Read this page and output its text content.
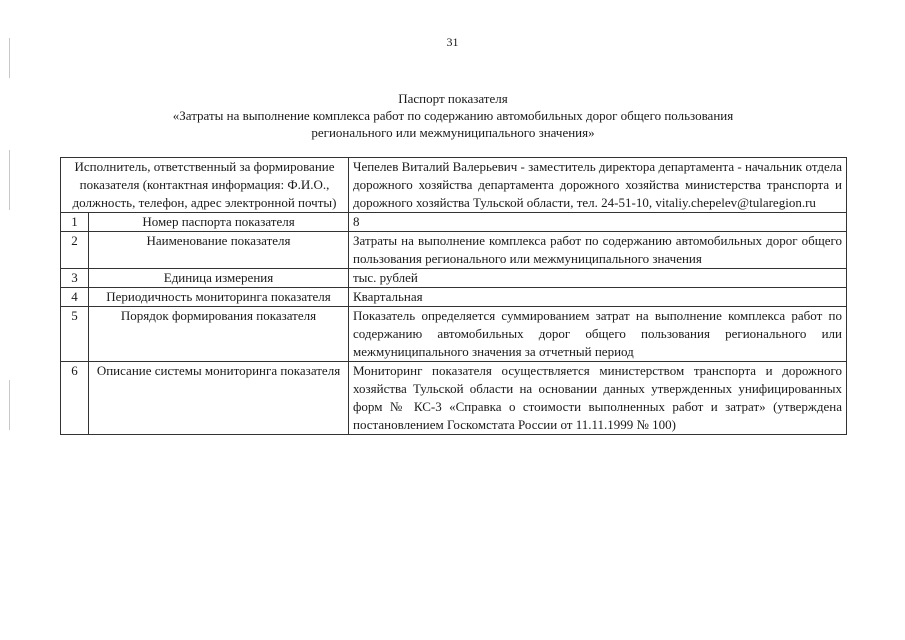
31
Паспорт показателя
«Затраты на выполнение комплекса работ по содержанию автомобильных дорог общего пользования
регионального или межмуниципального значения»
Исполнитель, ответственный за формирование показателя (контактная информация: Ф.И.О., должность, телефон, адрес электронной почты)		Чепелев Виталий Валерьевич - заместитель директора департамента - начальник отдела дорожного хозяйства департамента дорожного хозяйства министерства транспорта и дорожного хозяйства Тульской области, тел. 24-51-10, vitaliy.chepelev@tularegion.ru
1	Номер паспорта показателя	8
2	Наименование показателя	Затраты на выполнение комплекса работ по содержанию автомобильных дорог общего пользования регионального или межмуниципального значения
3	Единица измерения	тыс. рублей
4	Периодичность мониторинга показателя	Квартальная
5	Порядок формирования показателя	Показатель определяется суммированием затрат на выполнение комплекса работ по содержанию автомобильных дорог общего пользования регионального или межмуниципального значения за отчетный период
6	Описание системы мониторинга показателя	Мониторинг показателя осуществляется министерством транспорта и дорожного хозяйства Тульской области на основании данных утвержденных унифицированных форм № КС-3 «Справка о стоимости выполненных работ и затрат» (утверждена постановлением Госкомстата России от 11.11.1999 № 100)
